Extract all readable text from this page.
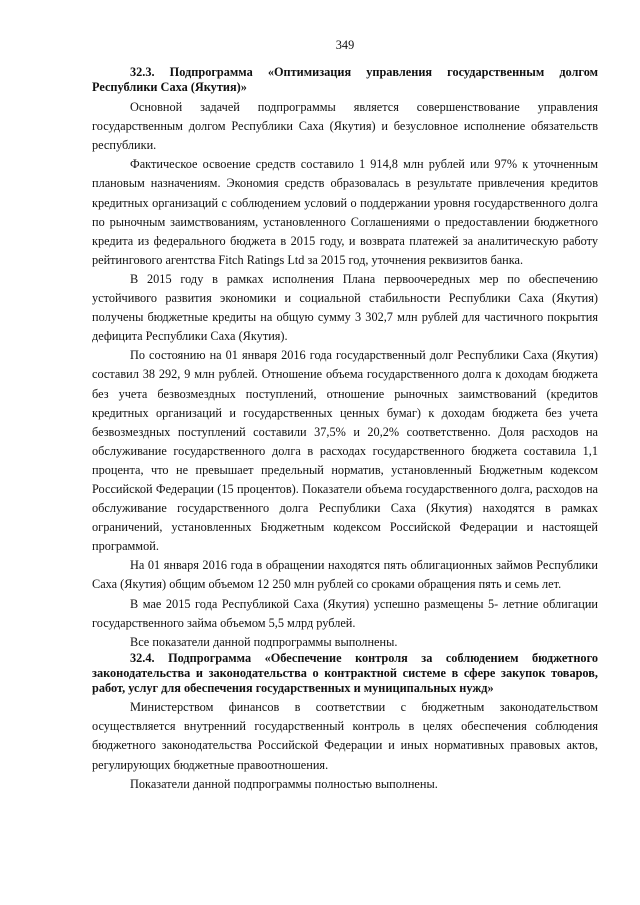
349

32.3. Подпрограмма «Оптимизация управления государственным долгом Республики Саха (Якутия)»

Основной задачей подпрограммы является совершенствование управления государственным долгом Республики Саха (Якутия) и безусловное исполнение обязательств республики.

Фактическое освоение средств составило 1 914,8 млн рублей или 97% к уточненным плановым назначениям. Экономия средств образовалась в результате привлечения кредитов кредитных организаций с соблюдением условий о поддержании уровня государственного долга по рыночным заимствованиям, установленного Соглашениями о предоставлении бюджетного кредита из федерального бюджета в 2015 году, и возврата платежей за аналитическую работу рейтингового агентства Fitch Ratings Ltd за 2015 год, уточнения реквизитов банка.

В 2015 году в рамках исполнения Плана первоочередных мер по обеспечению устойчивого развития экономики и социальной стабильности Республики Саха (Якутия) получены бюджетные кредиты на общую сумму 3 302,7 млн рублей для частичного покрытия дефицита Республики Саха (Якутия).

По состоянию на 01 января 2016 года государственный долг Республики Саха (Якутия) составил 38 292, 9 млн рублей. Отношение объема государственного долга к доходам бюджета без учета безвозмездных поступлений, отношение рыночных заимствований (кредитов кредитных организаций и государственных ценных бумаг) к доходам бюджета без учета безвозмездных поступлений составили 37,5% и 20,2% соответственно. Доля расходов на обслуживание государственного долга в расходах государственного бюджета составила 1,1 процента, что не превышает предельный норматив, установленный Бюджетным кодексом Российской Федерации (15 процентов). Показатели объема государственного долга, расходов на обслуживание государственного долга Республики Саха (Якутия) находятся в рамках ограничений, установленных Бюджетным кодексом Российской Федерации и настоящей программой.

На 01 января 2016 года в обращении находятся пять облигационных займов Республики Саха (Якутия) общим объемом 12 250 млн рублей со сроками обращения пять и семь лет.

В мае 2015 года Республикой Саха (Якутия) успешно размещены 5- летние облигации государственного займа объемом 5,5 млрд рублей.

Все показатели данной подпрограммы выполнены.

32.4. Подпрограмма «Обеспечение контроля за соблюдением бюджетного законодательства и законодательства о контрактной системе в сфере закупок товаров, работ, услуг для обеспечения государственных и муниципальных нужд»

Министерством финансов в соответствии с бюджетным законодательством осуществляется внутренний государственный контроль в целях обеспечения соблюдения бюджетного законодательства Российской Федерации и иных нормативных правовых актов, регулирующих бюджетные правоотношения.

Показатели данной подпрограммы полностью выполнены.
